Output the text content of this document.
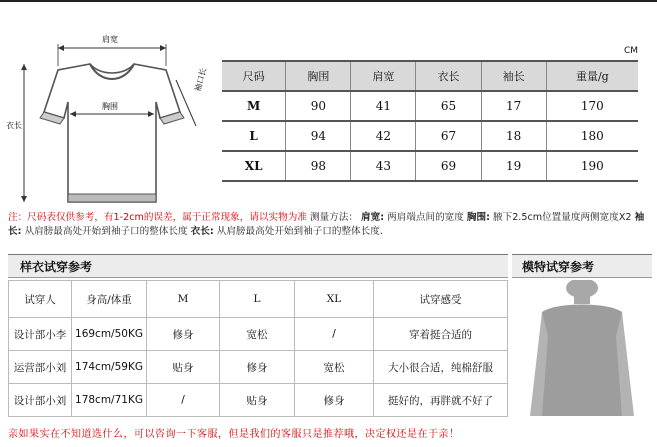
肩宽
胸围
袖口长
衣长
CM
尺码	胸围	肩宽	衣长	袖长	重量/g
M	90	41	65	17	170
L	94	42	67	18	180
XL	98	43	69	19	190
注：尺码表仅供参考，有1-2cm的误差，属于正常现象，请以实物为准 测量方法： 肩宽: 两肩端点间的宽度 胸围: 腋下2.5cm位置量度两侧宽度X2 袖长: 从肩膀最高处开始到袖子口的整体长度 衣长: 从肩膀最高处开始到袖子口的整体长度.
样衣试穿参考	模特试穿参考
试穿人	身高/体重	M	L	XL	试穿感受
设计部小李	169cm/50KG	修身	宽松	/	穿着挺合适的
运营部小刘	174cm/59KG	贴身	修身	宽松	大小很合适，纯棉舒服
设计部小刘	178cm/71KG	/	贴身	修身	挺好的，再胖就不好了
亲如果实在不知道选什么，可以咨询一下客服，但是我们的客服只是推荐哦，决定权还是在于亲！
